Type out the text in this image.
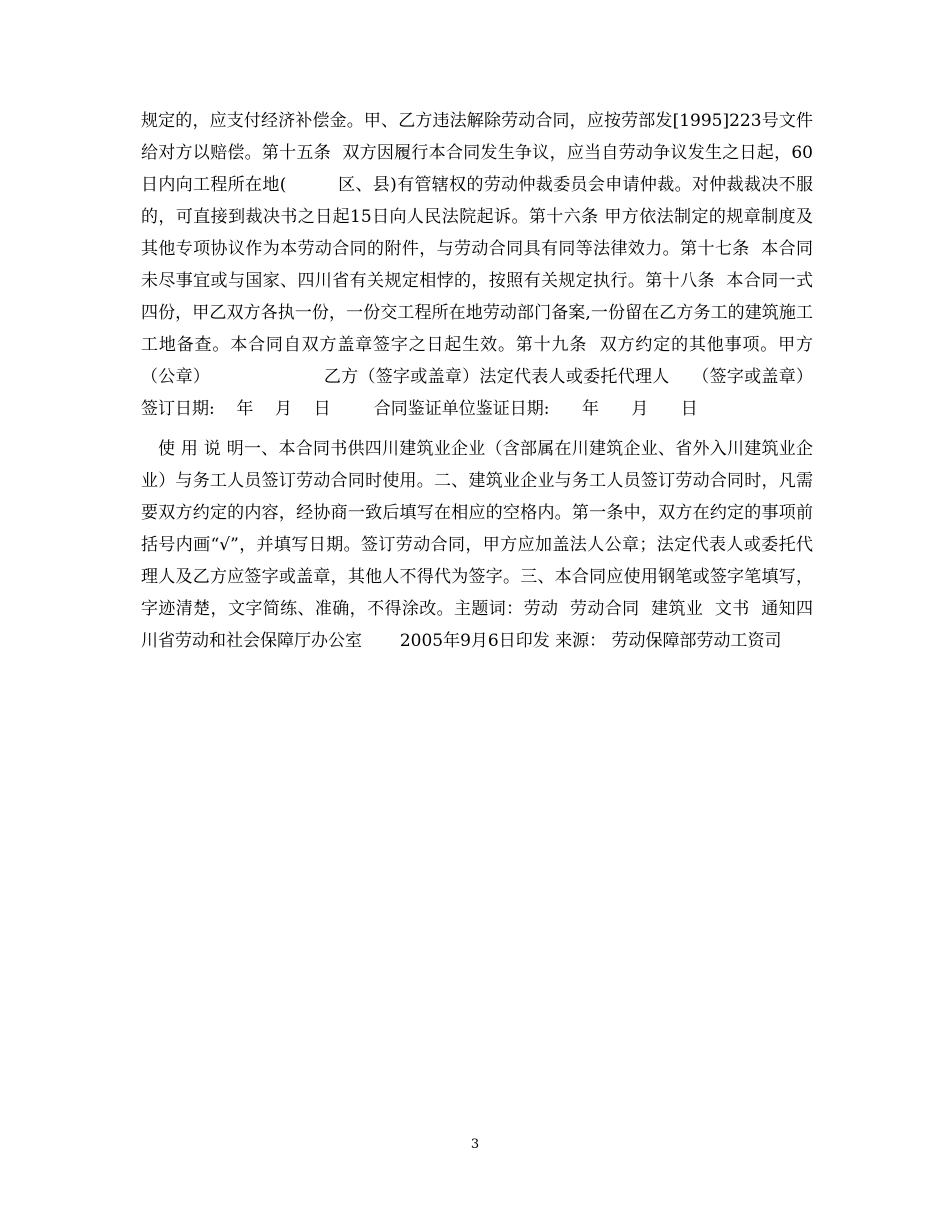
规定的，应支付经济补偿金。甲、乙方违法解除劳动合同，应按劳部发[1995]223号文件给对方以赔偿。第十五条  双方因履行本合同发生争议，应当自劳动争议发生之日起，60日内向工程所在地(         区、县)有管辖权的劳动仲裁委员会申请仲裁。对仲裁裁决不服的，可直接到裁决书之日起15日向人民法院起诉。第十六条 甲方依法制定的规章制度及其他专项协议作为本劳动合同的附件，与劳动合同具有同等法律效力。第十七条  本合同未尽事宜或与国家、四川省有关规定相悖的，按照有关规定执行。第十八条  本合同一式四份，甲乙双方各执一份，一份交工程所在地劳动部门备案,一份留在乙方务工的建筑施工工地备查。本合同自双方盖章签字之日起生效。第十九条  双方约定的其他事项。甲方（公章）                    乙方（签字或盖章）法定代表人或委托代理人    （签字或盖章）                签订日期:    年    月    日        合同鉴证单位鉴证日期:      年      月      日

使 用 说 明一、本合同书供四川建筑业企业（含部属在川建筑企业、省外入川建筑业企业）与务工人员签订劳动合同时使用。二、建筑业企业与务工人员签订劳动合同时，凡需要双方约定的内容，经协商一致后填写在相应的空格内。第一条中，双方在约定的事项前括号内画“√”，并填写日期。签订劳动合同，甲方应加盖法人公章；法定代表人或委托代理人及乙方应签字或盖章，其他人不得代为签字。三、本合同应使用钢笔或签字笔填写，字迹清楚，文字简练、准确，不得涂改。主题词：劳动  劳动合同  建筑业  文书  通知四川省劳动和社会保障厅办公室       2005年9月6日印发 来源： 劳动保障部劳动工资司

3
